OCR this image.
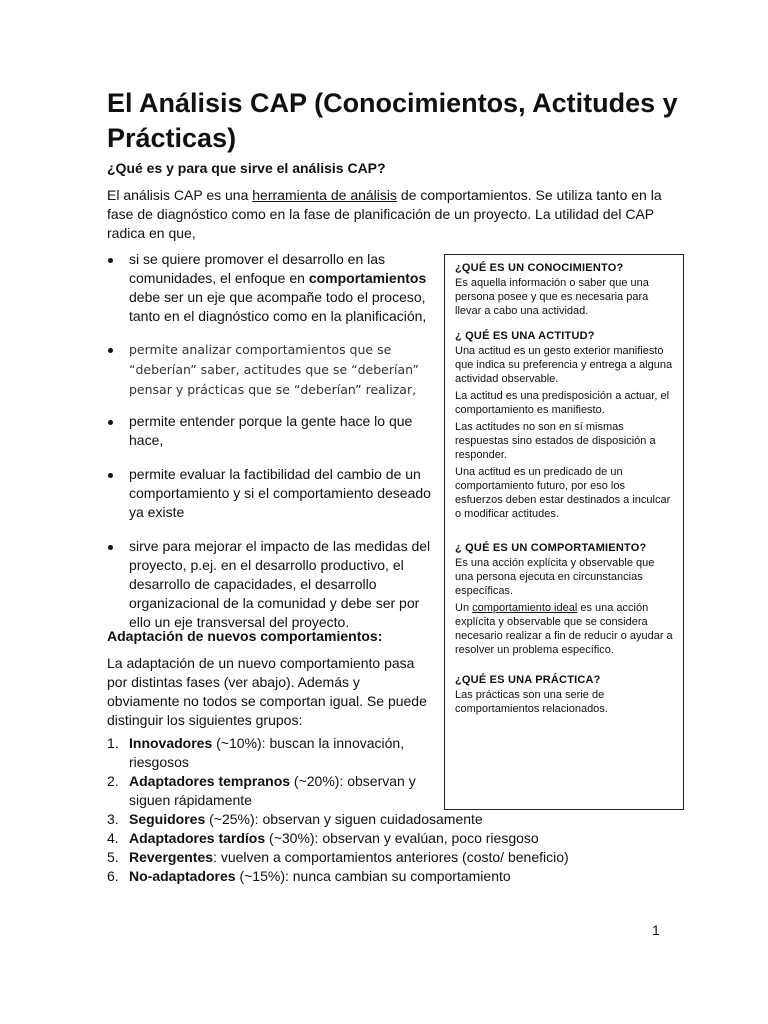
El Análisis CAP (Conocimientos, Actitudes y Prácticas)
¿Qué es y para que sirve el análisis CAP?

El análisis CAP es una herramienta de análisis de comportamientos. Se utiliza tanto en la fase de diagnóstico como en la fase de planificación de un proyecto. La utilidad del CAP radica en que,

si se quiere promover el desarrollo en las comunidades, el enfoque en comportamientos debe ser un eje que acompañe todo el proceso, tanto en el diagnóstico como en la planificación,
permite analizar comportamientos que se “deberían” saber, actitudes que se “deberían” pensar y prácticas que se “deberían” realizar,
permite entender porque la gente hace lo que hace,
permite evaluar la factibilidad del cambio de un comportamiento y si el comportamiento deseado ya existe
sirve para mejorar el impacto de las medidas del proyecto, p.ej. en el desarrollo productivo, el desarrollo de capacidades, el desarrollo organizacional de la comunidad y debe ser por ello un eje transversal del proyecto.
Adaptación de nuevos comportamientos:

La adaptación de un nuevo comportamiento pasa por distintas fases (ver abajo). Además y obviamente no todos se comportan igual. Se puede distinguir los siguientes grupos:

1. Innovadores (~10%): buscan la innovación, riesgosos
2. Adaptadores tempranos (~20%): observan y siguen rápidamente
3. Seguidores (~25%): observan y siguen cuidadosamente
4. Adaptadores tardíos (~30%): observan y evalúan, poco riesgoso
5. Revergentes: vuelven a comportamientos anteriores (costo/ beneficio)
6. No-adaptadores (~15%): nunca cambian su comportamiento
¿QUÉ ES UN CONOCIMIENTO?

Es aquella información o saber que una persona posee y que es necesaria para llevar a cabo una actividad.

¿ QUÉ ES UNA ACTITUD?

Una actitud es un gesto exterior manifiesto que indica su preferencia y entrega a alguna actividad observable.

La actitud es una predisposición a actuar, el comportamiento es manifiesto.

Las actitudes no son en sí mismas respuestas sino estados de disposición a responder.

Una actitud es un predicado de un comportamiento futuro, por eso los esfuerzos deben estar destinados a inculcar o modificar actitudes.

¿ QUÉ ES UN COMPORTAMIENTO?

Es una acción explícita y observable que una persona ejecuta en circunstancias específicas.

Un comportamiento ideal es una acción explícita y observable que se considera necesario realizar a fin de reducir o ayudar a resolver un problema específico.

¿QUÉ ES UNA PRÁCTICA?

Las prácticas son una serie de comportamientos relacionados.

1
